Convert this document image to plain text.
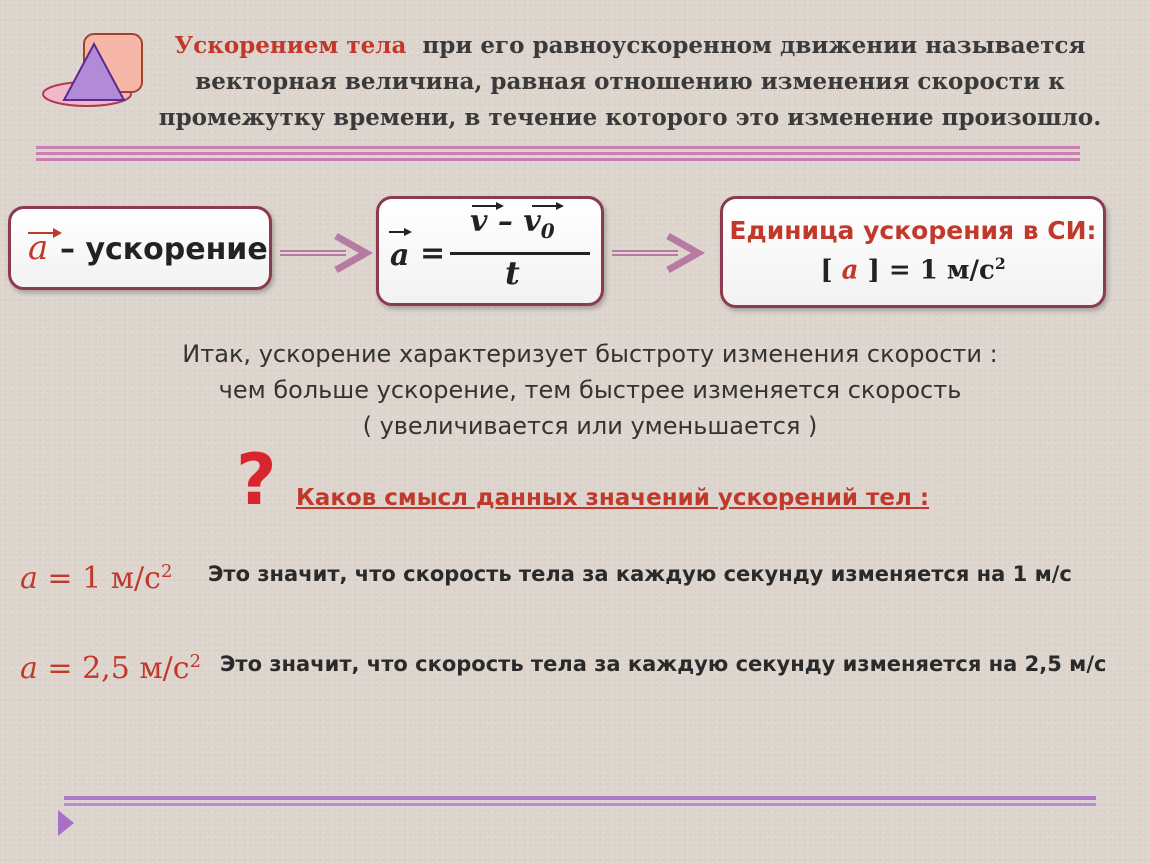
Ускорением тела при его равноускоренном движении называется
векторная величина, равная отношению изменения скорости к
промежутку времени, в течение которого это изменение произошло.
a – ускорение	a =
v – $v_0$
t
Единица ускорения в СИ:
[ a ] = 1 $м/с^2$
Итак, ускорение характеризует быстроту изменения скорости :
чем больше ускорение, тем быстрее изменяется скорость
( увеличивается или уменьшается )
? Каков смысл данных значений ускорений тел :
a = 1 $м/с^2$ Это значит, что скорость тела за каждую секунду изменяется на 1 м/с
a = 2,5 $м/с^2$ Это значит, что скорость тела за каждую секунду изменяется на 2,5 м/с
